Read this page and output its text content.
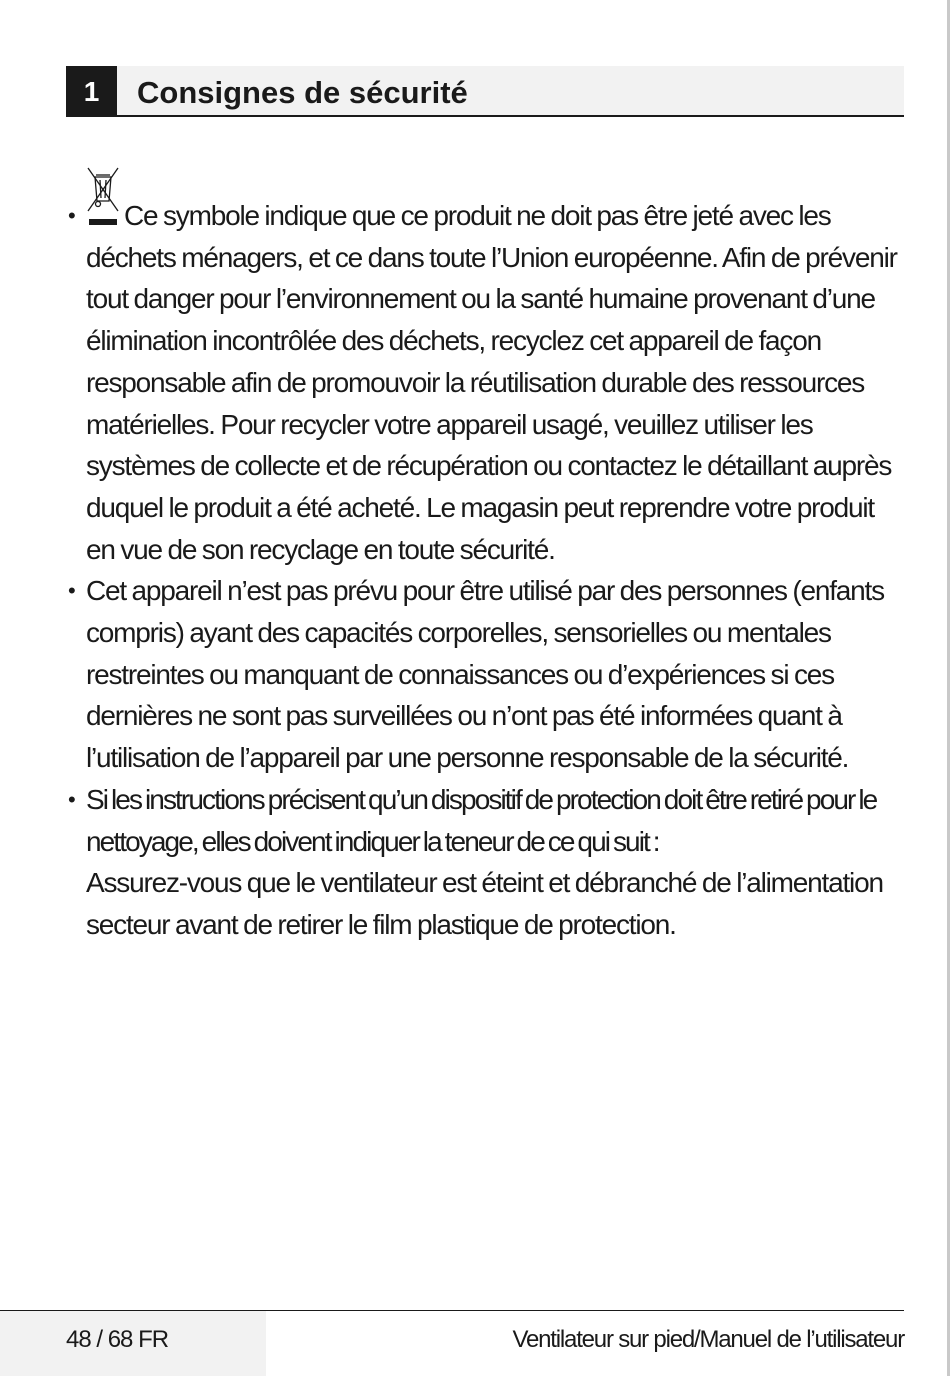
1	Consignes de sécurité
• Ce symbole indique que ce produit ne doit pas être jeté avec les déchets ménagers, et ce dans toute l’Union européenne. Afin de prévenir tout danger pour l’environnement ou la santé humaine provenant d’une élimination incontrôlée des déchets, recyclez cet appareil de façon responsable afin de promouvoir la réutilisation durable des ressources matérielles. Pour recycler votre appareil usagé, veuillez utiliser les systèmes de collecte et de récupération ou contactez le détaillant auprès duquel le produit a été acheté. Le magasin peut reprendre votre produit en vue de son recyclage en toute sécurité.
• Cet appareil n’est pas prévu pour être utilisé par des personnes (enfants compris) ayant des capacités corporelles, sensorielles ou mentales restreintes ou manquant de connaissances ou d’expériences si ces dernières ne sont pas surveillées ou n’ont pas été informées quant à l’utilisation de l’appareil par une personne responsable de la sécurité.
• Si les instructions précisent qu’un dispositif de protection doit être retiré pour le nettoyage, elles doivent indiquer la teneur de ce qui suit :
Assurez-vous que le ventilateur est éteint et débranché de l’alimentation secteur avant de retirer le film plastique de protection.
48 / 68 FR	Ventilateur sur pied/Manuel de l’utilisateur
